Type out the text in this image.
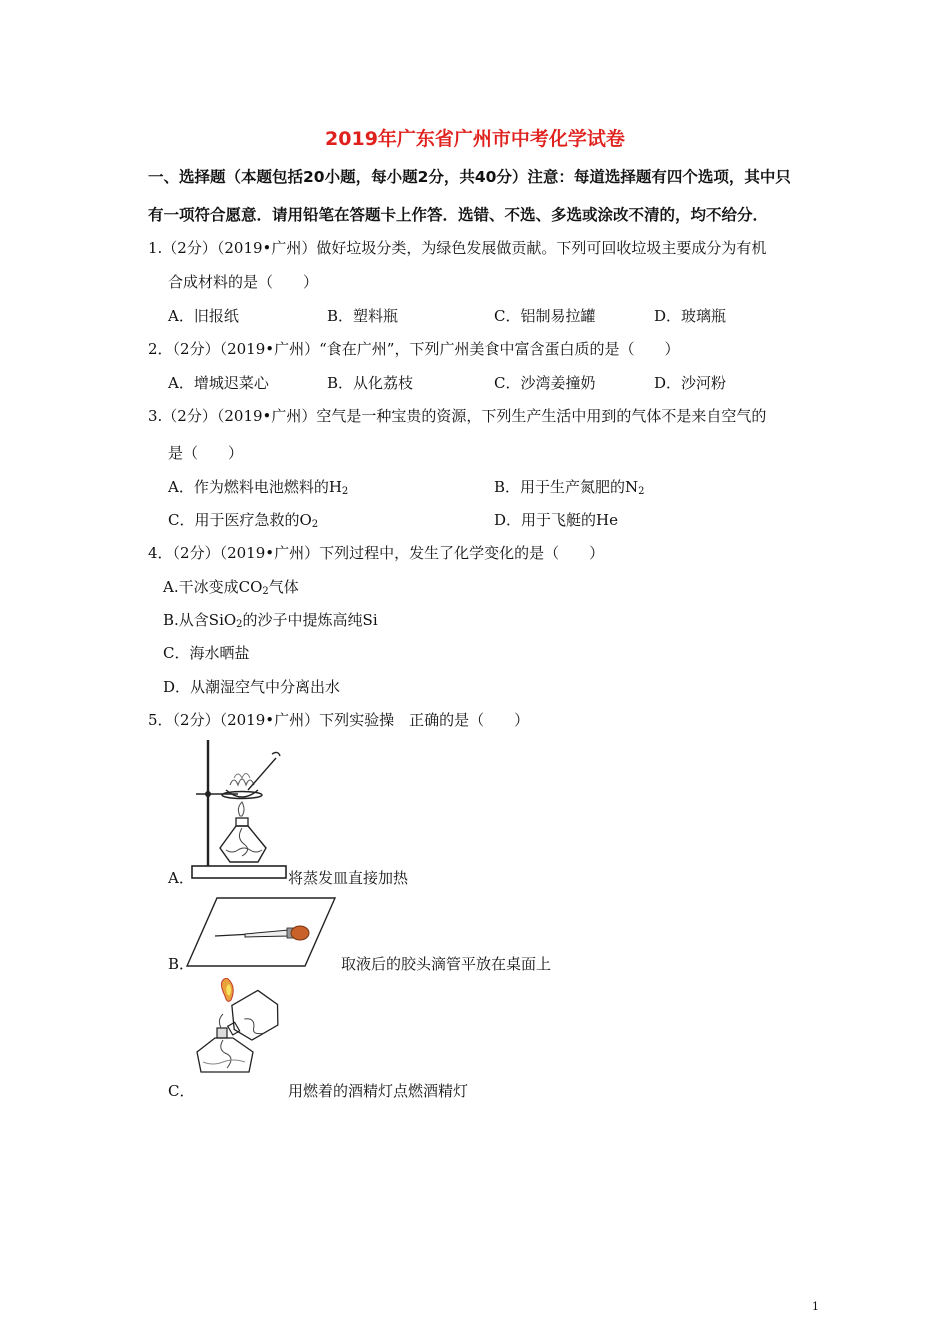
2019年广东省广州市中考化学试卷
一、选择题（本题包括20小题，每小题2分，共40分）注意：每道选择题有四个选项，其中只
有一项符合愿意．请用铅笔在答题卡上作答．选错、不选、多选或涂改不清的，均不给分．
1.（2分）（2019•广州）做好垃圾分类，为绿色发展做贡献。下列可回收垃圾主要成分为有机
合成材料的是（　　）
A．旧报纸	B．塑料瓶	C．铝制易拉罐	D．玻璃瓶
2．（2分）（2019•广州）“食在广州”，下列广州美食中富含蛋白质的是（　　）
A．增城迟菜心	B．从化荔枝	C．沙湾姜撞奶	D．沙河粉
3.（2分）（2019•广州）空气是一种宝贵的资源，下列生产生活中用到的气体不是来自空气的
是（　　）
A．作为燃料电池燃料的$H_2$	B．用于生产氮肥的$N_2$
C．用于医疗急救的$O_2$	D．用于飞艇的He
4．（2分）（2019•广州）下列过程中，发生了化学变化的是（　　）
A.干冰变成$CO_2$气体
B.从含SiO$_2$的沙子中提炼高纯Si
C．海水晒盐
D．从潮湿空气中分离出水
5．（2分）（2019•广州）下列实验操　正确的是（　　）
A．	将蒸发皿直接加热
B．	取液后的胶头滴管平放在桌面上
C．	用燃着的酒精灯点燃酒精灯
1
